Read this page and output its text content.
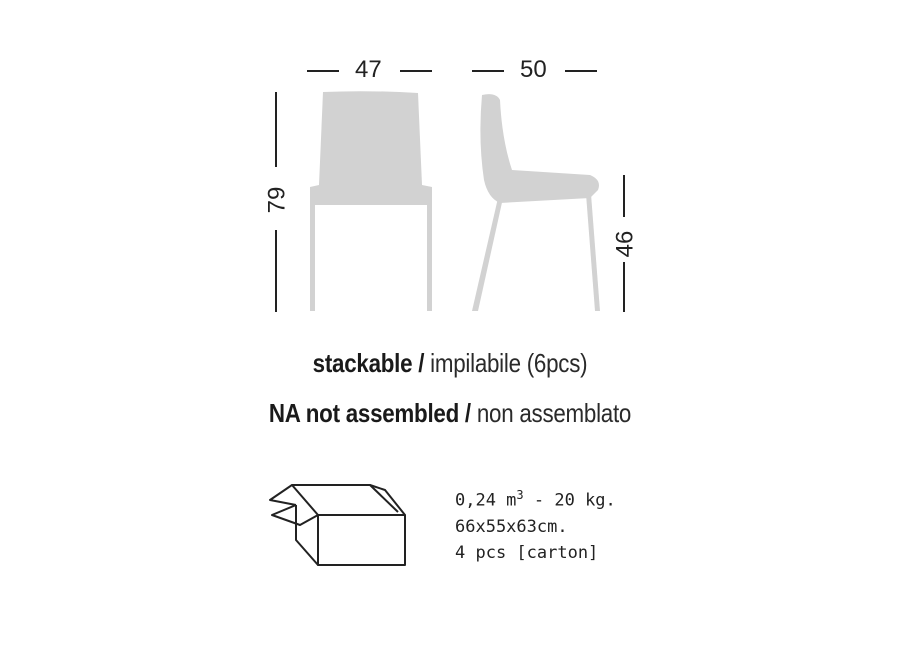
47	50
79
46
stackable / impilabile (6pcs)
NA not assembled / non assemblato
0,24 $m^3 - 20$ kg.
66x55x63cm.
4 pcs [carton]
